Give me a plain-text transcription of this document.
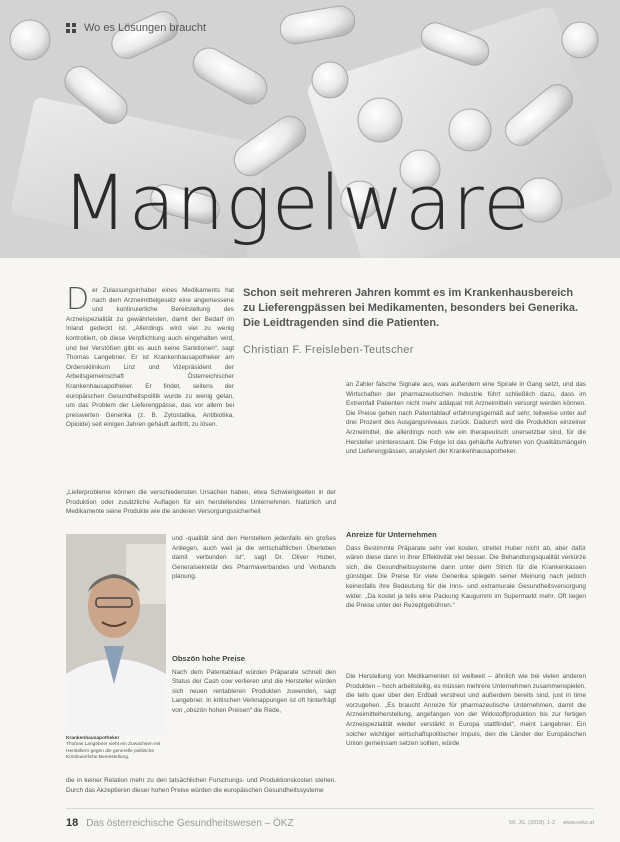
Wo es Lösungen braucht
Mangelware
Schon seit mehreren Jahren kommt es im Krankenhausbereich zu Lieferengpässen bei Medikamenten, besonders bei Generika. Die Leidtragenden sind die Patienten.
Christian F. Freisleben-Teutscher
Der Zulassungsinhaber eines Medikaments hat nach dem Arzneimittelgesetz eine angemessene und kontinuierliche Bereitstellung des Arzneispezialität zu gewährleisten, damit der Bedarf im Inland gedeckt ist. „Allerdings wird viel zu wenig kontrolliert, ob diese Verpflichtung auch eingehalten wird, und bei Verstößen gibt es auch keine Sanktionen“, sagt Thomas Langebner. Er ist Krankenhausapotheker am Ordensklinikum Linz und Vizepräsident der Arbeitsgemeinschaft Österreichischer Krankenhausapotheker. Er findet, seitens der europäischen Gesundheitspolitik wurde zu wenig getan, um das Problem der Lieferengpässe, das vor allem bei preiswerten Generika (z. B. Zytostatika, Antibiotika, Opioide) seit einigen Jahren gehäuft auftritt, zu lösen.
„Lieferprobleme können die verschiedensten Ursachen haben, etwa Schwierigkeiten in der Produktion oder zusätzliche Auflagen für ein herstellendes Unternehmen. Natürlich und Medikamente seine Produkte wie die anderen Versorgungssicherheit
Krankenhausapotheker
Thomas Langebner sieht ein Zuwachsen mit Herstellern gegen die generelle politische Kontinuierliche Bereitstellung.
und -qualität sind den Herstellern jedenfalls ein großes Anliegen, auch weil ja die wirtschaftlichen Überleben damit verbunden ist“, sagt Dr. Oliver Huber, Generalsekretär des Pharmaverbandes und Verbands planung.
Obszön hohe Preise
Nach dem Patentablauf würden Präparate schnell den Status der Cash cow verlieren und die Hersteller würden sich neuen rentableren Produkten zuwenden, sagt Langebner. In kritischen Verknappungen ist oft hinterfrägt von „obszön hohen Preisen“ die Rede,
die in keiner Relation mehr zu den tatsächlichen Forschungs- und Produktionskosten stehen. Durch das Akzeptieren dieser hohen Preise würden die europäischen Gesundheitssysteme
an Zahler falsche Signale aus, was außerdem eine Spirale in Gang setzt, und das Wirtschaften der pharmazeutischen Industrie führt schließlich dazu, dass im Extremfall Patienten nicht mehr adäquat mit Arzneimitteln versorgt werden können. Die Preise gehen nach Patentablauf erfahrungsgemäß auf sehr, teilweise unter auf drei Prozent des Ausgangsniveaus zurück. Dadurch wird die Produktion einzelner Arzneimittel, die allerdings noch wie ein therapeutisch unersetzbar sind, für die Hersteller uninteressant. Die Folge ist das gehäufte Auftreten von Qualitätsmängeln und Lieferengpässen, analysiert der Krankenhausapotheker.
Anreize für Unternehmen
Dass Bestimmte Präparate sehr viel kosten, streitet Huber nicht ab, aber dafür wären diese dann in ihrer Effektivität viel besser. Die Behandlungsqualität verkürze sich, die Gesundheitssysteme dann unter dem Strich für die Krankenkassen günstiger. Die Preise für viele Generika spiegeln seiner Meinung nach jedoch keinesfalls ihre Bedeutung für die Inns- und extramurale Gesundheitsversorgung wider. „Da kostet ja teils eine Packung Kaugummi im Supermarkt mehr. Oft liegen die Preise unter der Rezeptgebühren.“
Die Herstellung von Medikamenten ist weltweit – ähnlich wie bei vielen anderen Produkten – hoch arbeitsteilig, es müssen mehrere Unternehmen zusammenspielen, die teils quer über den Erdball verstreut und außerdem bereits sind, just in time vorzugehen. „Es braucht Anreize für pharmazeutische Unternehmen, damit die Arzneimittelherstellung, angefangen von der Wirkstoffproduktion bis zur fertigen Arzneispezialität wieder verstärkt in Europa stattfindet“, meint Langebner. Ein solcher wichtiger wirtschaftspolitischer Impuls, den die Länder der Europäischen Union gemeinsam setzen sollten, würde
18 Das österreichische Gesundheitswesen – ÖKZ	59. JG. (2018), 1-2 www.oekz.at
